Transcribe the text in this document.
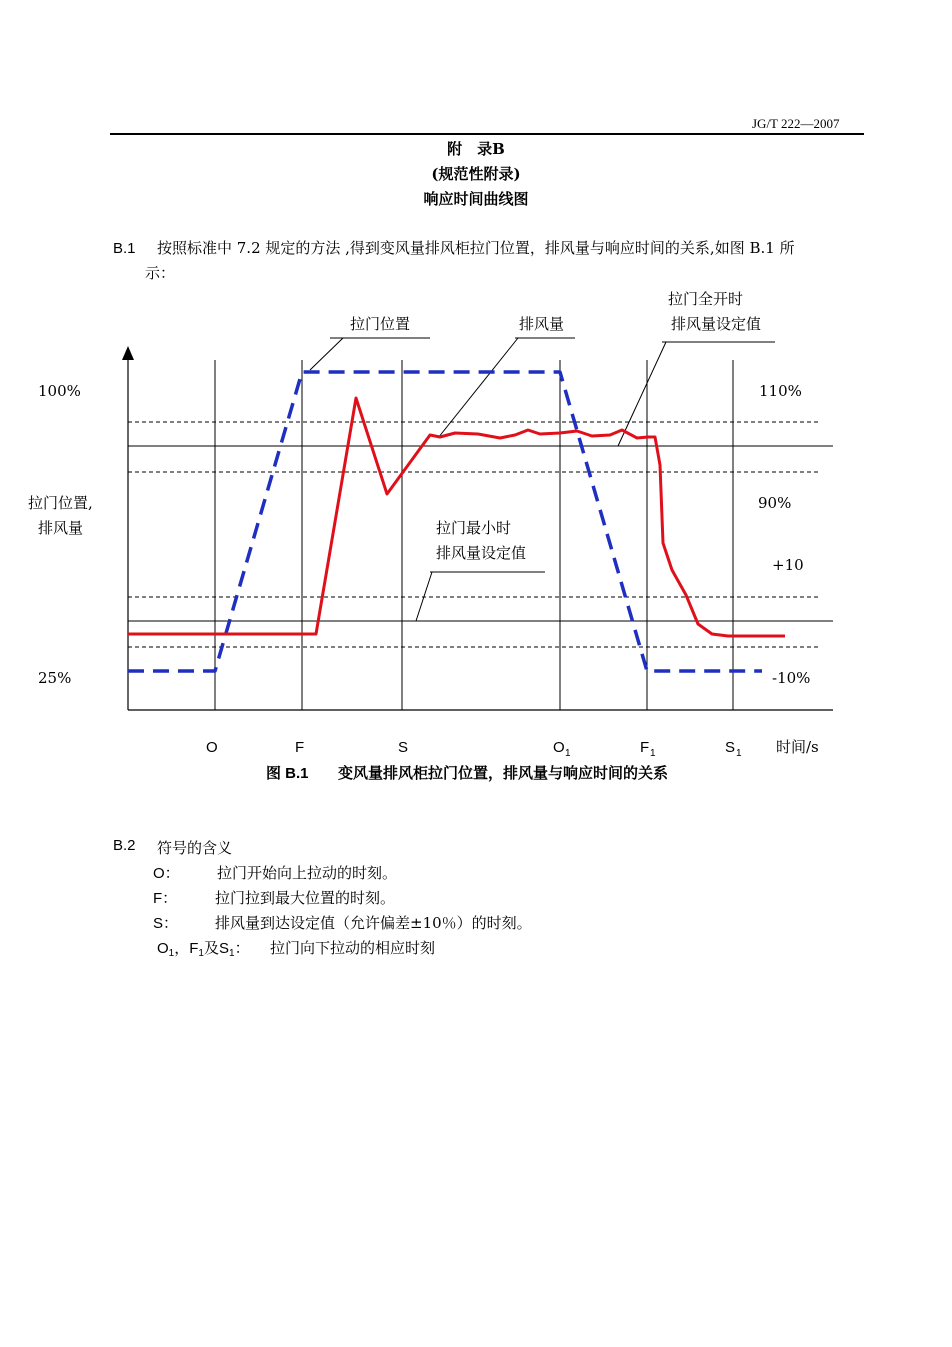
JG/T 222—2007
附　录B
(规范性附录)
响应时间曲线图
B.1 按照标准中 7.2 规定的方法 ,得到变风量排风柜拉门位置，排风量与响应时间的关系,如图 B.1 所
示：
拉门位置	排风量
拉门全开时
排风量设定值
拉门最小时
排风量设定值
100%
拉门位置,
排风量
25%
110%
90%
+10
-10%
O	F	S	O 1	F 1	S 1 时间/s
图 B.1 变风量排风柜拉门位置，排风量与响应时间的关系
B.2 符号的含义
O： 拉门开始向上拉动的时刻。
F：	拉门拉到最大位置的时刻。
S： 排风量到达设定值（允许偏差±10％）的时刻。
$O_1$，$F_1$及$S_1$： 拉门向下拉动的相应时刻
